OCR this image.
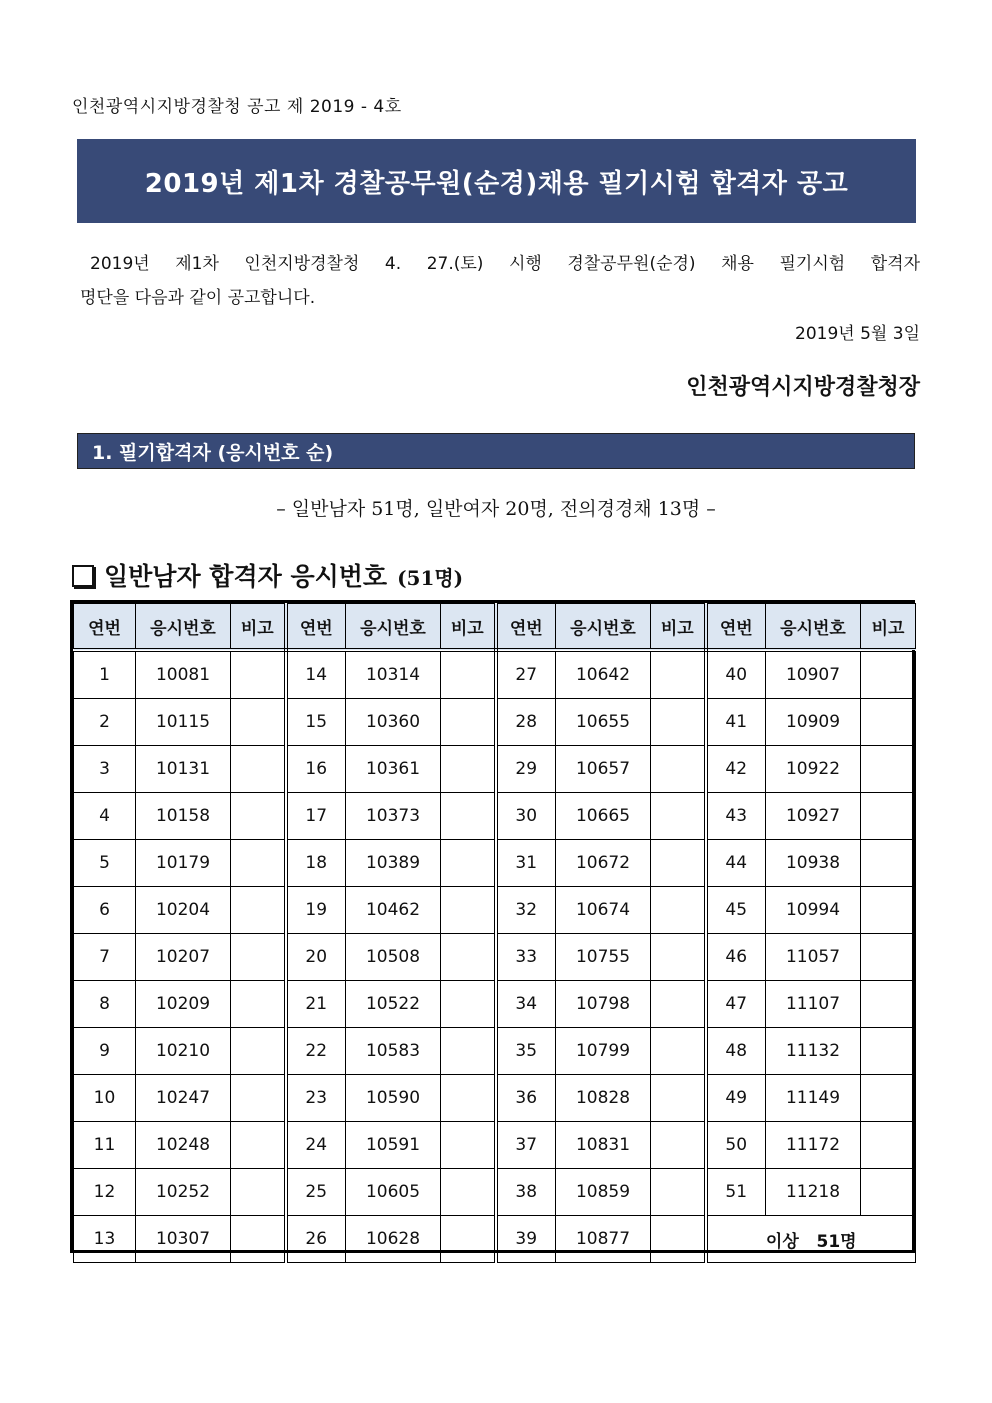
인천광역시지방경찰청 공고 제 2019 - 4호
2019년 제1차 경찰공무원(순경)채용 필기시험 합격자 공고
2019년 제1차 인천지방경찰청 4. 27.(토) 시행 경찰공무원(순경) 채용 필기시험 합격자
명단을 다음과 같이 공고합니다.
2019년 5월 3일
인천광역시지방경찰청장
1. 필기합격자 (응시번호 순)
– 일반남자 51명, 일반여자 20명, 전의경경채 13명 –
일반남자 합격자 응시번호 (51명)
연번	응시번호	비고	연번	응시번호	비고	연번	응시번호	비고	연번	응시번호	비고
1	10081		14	10314		27	10642		40	10907	
2	10115		15	10360		28	10655		41	10909	
3	10131		16	10361		29	10657		42	10922	
4	10158		17	10373		30	10665		43	10927	
5	10179		18	10389		31	10672		44	10938	
6	10204		19	10462		32	10674		45	10994	
7	10207		20	10508		33	10755		46	11057	
8	10209		21	10522		34	10798		47	11107	
9	10210		22	10583		35	10799		48	11132	
10	10247		23	10590		36	10828		49	11149	
11	10248		24	10591		37	10831		50	11172	
12	10252		25	10605		38	10859		51	11218	
13	10307		26	10628		39	10877		이상   51명		
